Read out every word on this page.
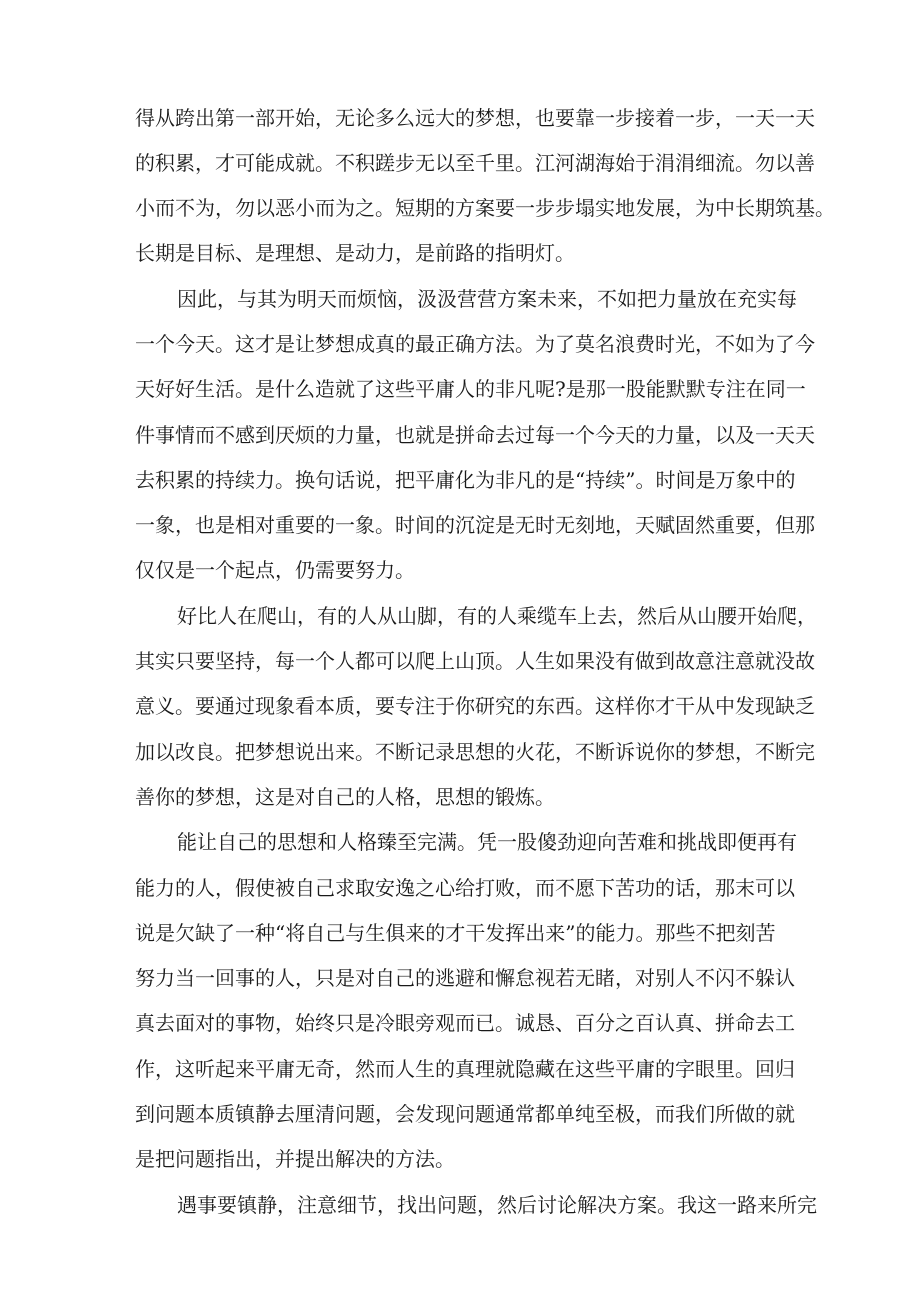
得从跨出第一部开始，无论多么远大的梦想，也要靠一步接着一步，一天一天
的积累，才可能成就。不积蹉步无以至千里。江河湖海始于涓涓细流。勿以善
小而不为，勿以恶小而为之。短期的方案要一步步塌实地发展，为中长期筑基。
长期是目标、是理想、是动力，是前路的指明灯。
因此，与其为明天而烦恼，汲汲营营方案未来，不如把力量放在充实每
一个今天。这才是让梦想成真的最正确方法。为了莫名浪费时光，不如为了今
天好好生活。是什么造就了这些平庸人的非凡呢?是那一股能默默专注在同一
件事情而不感到厌烦的力量，也就是拼命去过每一个今天的力量，以及一天天
去积累的持续力。换句话说，把平庸化为非凡的是“持续”。时间是万象中的
一象，也是相对重要的一象。时间的沉淀是无时无刻地，天赋固然重要，但那
仅仅是一个起点，仍需要努力。
好比人在爬山，有的人从山脚，有的人乘缆车上去，然后从山腰开始爬，
其实只要坚持，每一个人都可以爬上山顶。人生如果没有做到故意注意就没故
意义。要通过现象看本质，要专注于你研究的东西。这样你才干从中发现缺乏
加以改良。把梦想说出来。不断记录思想的火花，不断诉说你的梦想，不断完
善你的梦想，这是对自己的人格，思想的锻炼。
能让自己的思想和人格臻至完满。凭一股傻劲迎向苦难和挑战即便再有
能力的人，假使被自己求取安逸之心给打败，而不愿下苦功的话，那末可以
说是欠缺了一种“将自己与生俱来的才干发挥出来”的能力。那些不把刻苦
努力当一回事的人，只是对自己的逃避和懈怠视若无睹，对别人不闪不躲认
真去面对的事物，始终只是冷眼旁观而已。诚恳、百分之百认真、拼命去工
作，这听起来平庸无奇，然而人生的真理就隐藏在这些平庸的字眼里。回归
到问题本质镇静去厘清问题，会发现问题通常都单纯至极，而我们所做的就
是把问题指出，并提出解决的方法。
遇事要镇静，注意细节，找出问题，然后讨论解决方案。我这一路来所完
